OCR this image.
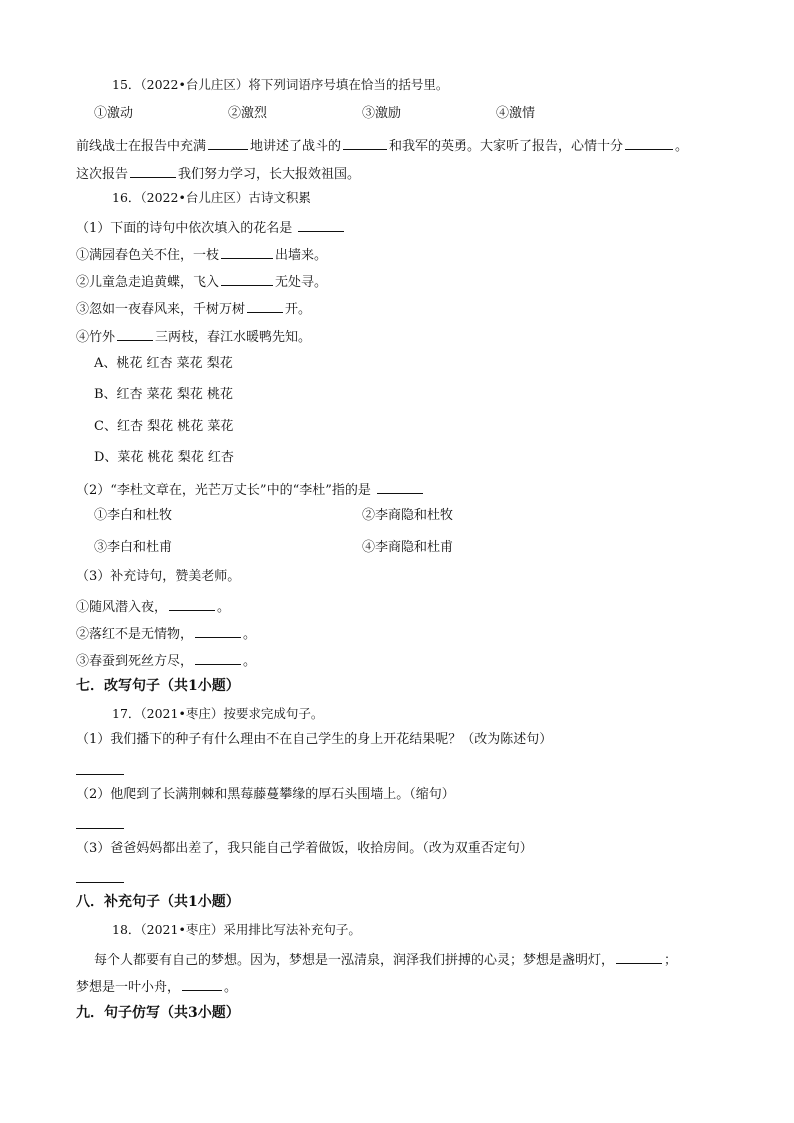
15．（2022•台儿庄区）将下列词语序号填在恰当的括号里。
①激动	②激烈	③激励	④激情
前线战士在报告中充满	地讲述了战斗的	和我军的英勇。大家听了报告，心情十分	。
这次报告	我们努力学习，长大报效祖国。
16．（2022•台儿庄区）古诗文积累
（1）下面的诗句中依次填入的花名是
①满园春色关不住，一枝	出墙来。
②儿童急走追黄蝶，飞入	无处寻。
③忽如一夜春风来，千树万树	开。
④竹外	三两枝，春江水暖鸭先知。
A、桃花 红杏 菜花 梨花
B、红杏 菜花 梨花 桃花
C、红杏 梨花 桃花 菜花
D、菜花 桃花 梨花 红杏
（2）“李杜文章在，光芒万丈长”中的“李杜”指的是
①李白和杜牧	②李商隐和杜牧
③李白和杜甫	④李商隐和杜甫
（3）补充诗句，赞美老师。
①随风潜入夜，	。
②落红不是无情物，	。
③春蚕到死丝方尽，	。
七．改写句子（共1小题）
17．（2021•枣庄）按要求完成句子。
（1）我们播下的种子有什么理由不在自己学生的身上开花结果呢？（改为陈述句）
（2）他爬到了长满荆棘和黑莓藤蔓攀缘的厚石头围墙上。（缩句）
（3）爸爸妈妈都出差了，我只能自己学着做饭，收拾房间。（改为双重否定句）
八．补充句子（共1小题）
18．（2021•枣庄）采用排比写法补充句子。
每个人都要有自己的梦想。因为，梦想是一泓清泉，润泽我们拼搏的心灵；梦想是盏明灯，	；
梦想是一叶小舟，	。
九．句子仿写（共3小题）
